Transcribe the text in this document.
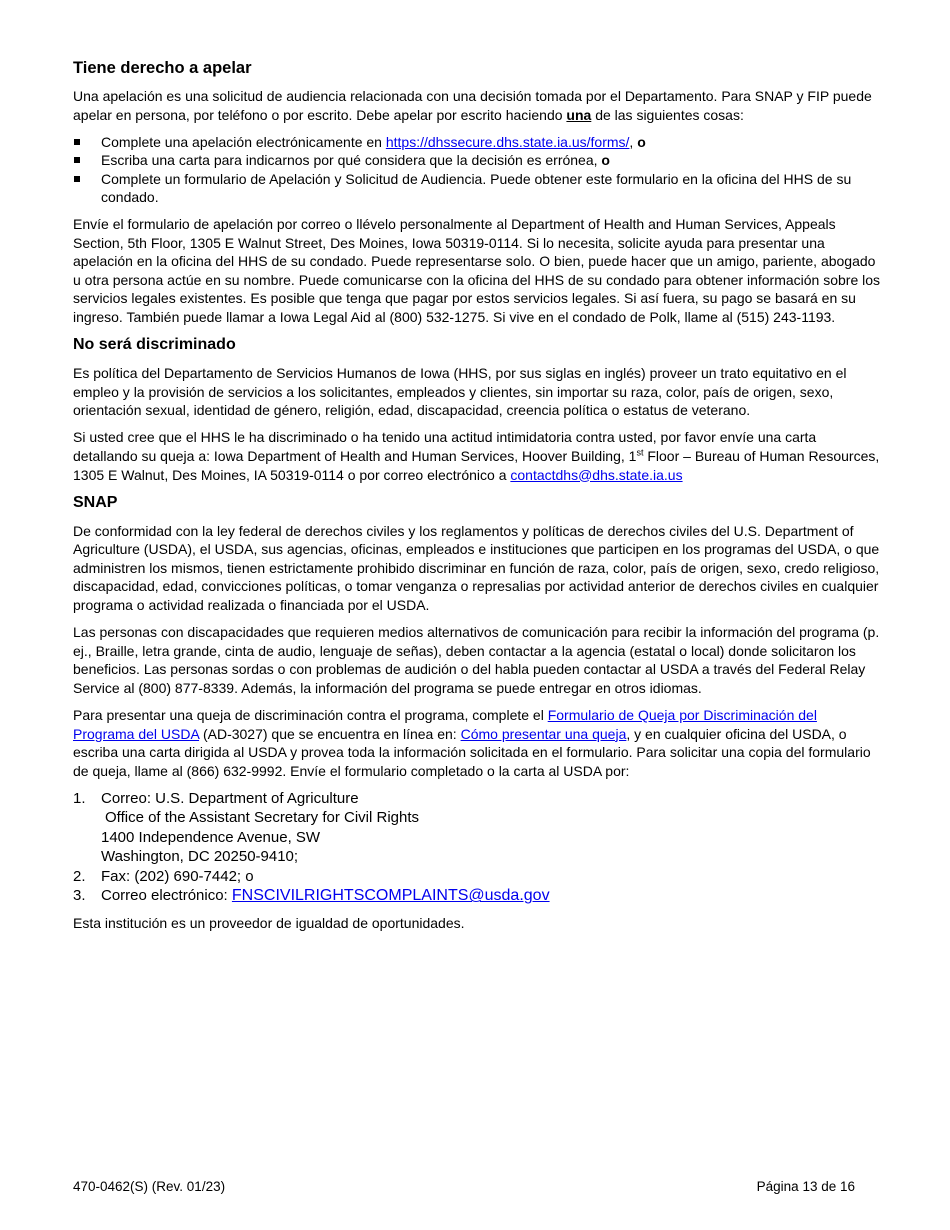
Tiene derecho a apelar

Una apelación es una solicitud de audiencia relacionada con una decisión tomada por el Departamento. Para SNAP y FIP puede apelar en persona, por teléfono o por escrito. Debe apelar por escrito haciendo una de las siguientes cosas:

Complete una apelación electrónicamente en https://dhssecure.dhs.state.ia.us/forms/, o
Escriba una carta para indicarnos por qué considera que la decisión es errónea, o
Complete un formulario de Apelación y Solicitud de Audiencia. Puede obtener este formulario en la oficina del HHS de su condado.

Envíe el formulario de apelación por correo o llévelo personalmente al Department of Health and Human Services, Appeals Section, 5th Floor, 1305 E Walnut Street, Des Moines, Iowa 50319-0114. Si lo necesita, solicite ayuda para presentar una apelación en la oficina del HHS de su condado. Puede representarse solo. O bien, puede hacer que un amigo, pariente, abogado u otra persona actúe en su nombre. Puede comunicarse con la oficina del HHS de su condado para obtener información sobre los servicios legales existentes. Es posible que tenga que pagar por estos servicios legales. Si así fuera, su pago se basará en su ingreso. También puede llamar a Iowa Legal Aid al (800) 532-1275. Si vive en el condado de Polk, llame al (515) 243-1193.

No será discriminado

Es política del Departamento de Servicios Humanos de Iowa (HHS, por sus siglas en inglés) proveer un trato equitativo en el empleo y la provisión de servicios a los solicitantes, empleados y clientes, sin importar su raza, color, país de origen, sexo, orientación sexual, identidad de género, religión, edad, discapacidad, creencia política o estatus de veterano.

Si usted cree que el HHS le ha discriminado o ha tenido una actitud intimidatoria contra usted, por favor envíe una carta detallando su queja a: Iowa Department of Health and Human Services, Hoover Building, 1st Floor – Bureau of Human Resources, 1305 E Walnut, Des Moines, IA 50319-0114 o por correo electrónico a contactdhs@dhs.state.ia.us

SNAP

De conformidad con la ley federal de derechos civiles y los reglamentos y políticas de derechos civiles del U.S. Department of Agriculture (USDA), el USDA, sus agencias, oficinas, empleados e instituciones que participen en los programas del USDA, o que administren los mismos, tienen estrictamente prohibido discriminar en función de raza, color, país de origen, sexo, credo religioso, discapacidad, edad, convicciones políticas, o tomar venganza o represalias por actividad anterior de derechos civiles en cualquier programa o actividad realizada o financiada por el USDA.

Las personas con discapacidades que requieren medios alternativos de comunicación para recibir la información del programa (p. ej., Braille, letra grande, cinta de audio, lenguaje de señas), deben contactar a la agencia (estatal o local) donde solicitaron los beneficios. Las personas sordas o con problemas de audición o del habla pueden contactar al USDA a través del Federal Relay Service al (800) 877-8339. Además, la información del programa se puede entregar en otros idiomas.

Para presentar una queja de discriminación contra el programa, complete el Formulario de Queja por Discriminación del Programa del USDA (AD-3027) que se encuentra en línea en: Cómo presentar una queja, y en cualquier oficina del USDA, o escriba una carta dirigida al USDA y provea toda la información solicitada en el formulario. Para solicitar una copia del formulario de queja, llame al (866) 632-9992. Envíe el formulario completado o la carta al USDA por:

1. Correo: U.S. Department of Agriculture
Office of the Assistant Secretary for Civil Rights
1400 Independence Avenue, SW
Washington, DC 20250-9410;
2. Fax: (202) 690-7442; o
3. Correo electrónico: FNSCIVILRIGHTSCOMPLAINTS@usda.gov

Esta institución es un proveedor de igualdad de oportunidades.

470-0462(S) (Rev. 01/23)	Página 13 de 16
